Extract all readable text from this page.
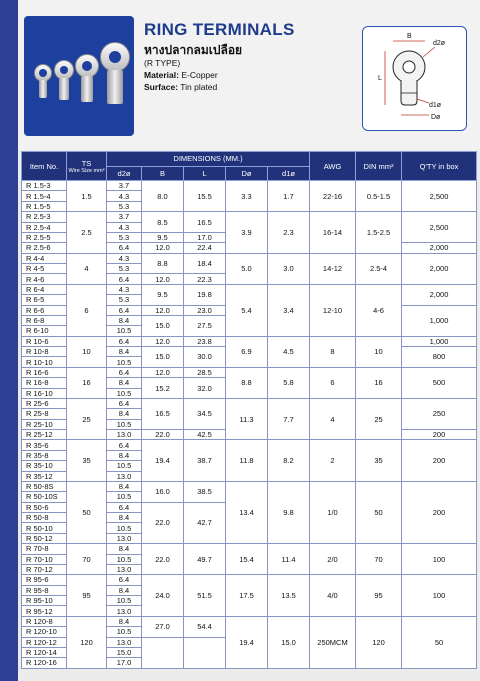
RING TERMINALS
หางปลากลมเปลือย
(R TYPE)
Material: E-Copper
Surface: Tin plated
B
d2ø
L
d1ø
Dø
Item No.	TS
Wire Size mm²	DIMENSIONS (MM.)					AWG	DIN mm²	Q'TY in box
		d2ø	B	L	Dø	d1ø			
R 1.5-3	1.5	3.7	8.0	15.5	3.3	1.7	22-16	0.5-1.5	2,500
R 1.5-4		4.3							
R 1.5-5		5.3							
R 2.5-3	2.5	3.7	8.5	16.5	3.9	2.3	16-14	1.5-2.5	2,500
R 2.5-4		4.3							
R 2.5-5		5.3	9.5	17.0					
R 2.5-6		6.4	12.0	22.4					2,000
R 4-4	4	4.3	8.8	18.4	5.0	3.0	14-12	2.5-4	2,000
R 4-5		5.3							
R 4-6		6.4	12.0	22.3					
R 6-4	6	4.3	9.5	19.8	5.4	3.4	12-10	4-6	2,000
R 6-5		5.3							
R 6-6		6.4	12.0	23.0					1,000
R 6-8		8.4	15.0	27.5					
R 6-10		10.5							
R 10-6	10	6.4	12.0	23.8	6.9	4.5	8	10	1,000
R 10-8		8.4	15.0	30.0					800
R 10-10		10.5							
R 16-6	16	6.4	12.0	28.5	8.8	5.8	6	16	500
R 16-8		8.4	15.2	32.0					
R 16-10		10.5							
R 25-6	25	6.4	16.5	34.5	11.3	7.7	4	25	250
R 25-8		8.4							
R 25-10		10.5							
R 25-12		13.0	22.0	42.5					200
R 35-6	35	6.4	19.4	38.7	11.8	8.2	2	35	200
R 35-8		8.4							
R 35-10		10.5							
R 35-12		13.0							
R 50-8S	50	8.4	16.0	38.5	13.4	9.8	1/0	50	200
R 50-10S		10.5							
R 50-6		6.4	22.0	42.7					
R 50-8		8.4							
R 50-10		10.5							
R 50-12		13.0							
R 70-8	70	8.4	22.0	49.7	15.4	11.4	2/0	70	100
R 70-10		10.5							
R 70-12		13.0							
R 95-6	95	6.4	24.0	51.5	17.5	13.5	4/0	95	100
R 95-8		8.4							
R 95-10		10.5							
R 95-12		13.0							
R 120-8	120	8.4	27.0	54.4	19.4	15.0	250MCM	120	50
R 120-10		10.5							
R 120-12		13.0							
R 120-14		15.0							
R 120-16		17.0							
